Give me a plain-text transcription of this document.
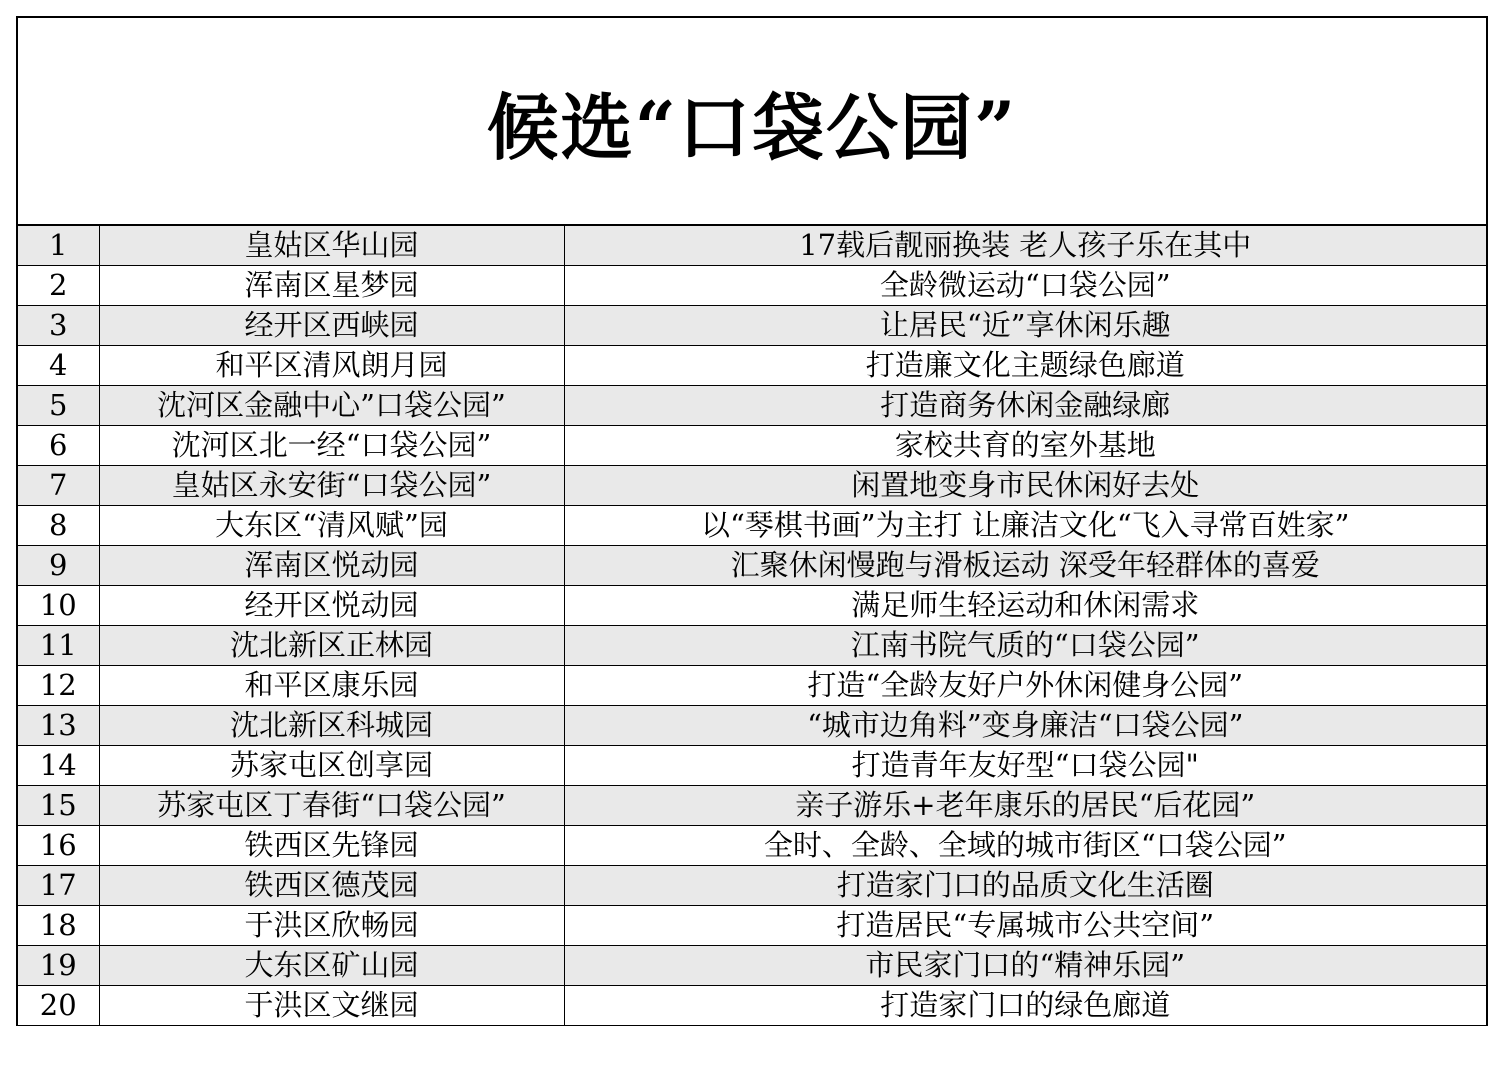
候选“口袋公园”
1	皇姑区华山园	17载后靓丽换装 老人孩子乐在其中
2	浑南区星梦园	全龄微运动“口袋公园”
3	经开区西峡园	让居民“近”享休闲乐趣
4	和平区清风朗月园	打造廉文化主题绿色廊道
5	沈河区金融中心”口袋公园”	打造商务休闲金融绿廊
6	沈河区北一经“口袋公园”	家校共育的室外基地
7	皇姑区永安街“口袋公园”	闲置地变身市民休闲好去处
8	大东区“清风赋”园	以“琴棋书画”为主打 让廉洁文化“飞入寻常百姓家”
9	浑南区悦动园	汇聚休闲慢跑与滑板运动 深受年轻群体的喜爱
10	经开区悦动园	满足师生轻运动和休闲需求
11	沈北新区正林园	江南书院气质的“口袋公园”
12	和平区康乐园	打造“全龄友好户外休闲健身公园”
13	沈北新区科城园	“城市边角料”变身廉洁“口袋公园”
14	苏家屯区创享园	打造青年友好型“口袋公园"
15	苏家屯区丁春街“口袋公园”	亲子游乐+老年康乐的居民“后花园”
16	铁西区先锋园	全时、全龄、全域的城市街区“口袋公园”
17	铁西区德茂园	打造家门口的品质文化生活圈
18	于洪区欣畅园	打造居民“专属城市公共空间”
19	大东区矿山园	市民家门口的“精神乐园”
20	于洪区文继园	打造家门口的绿色廊道
